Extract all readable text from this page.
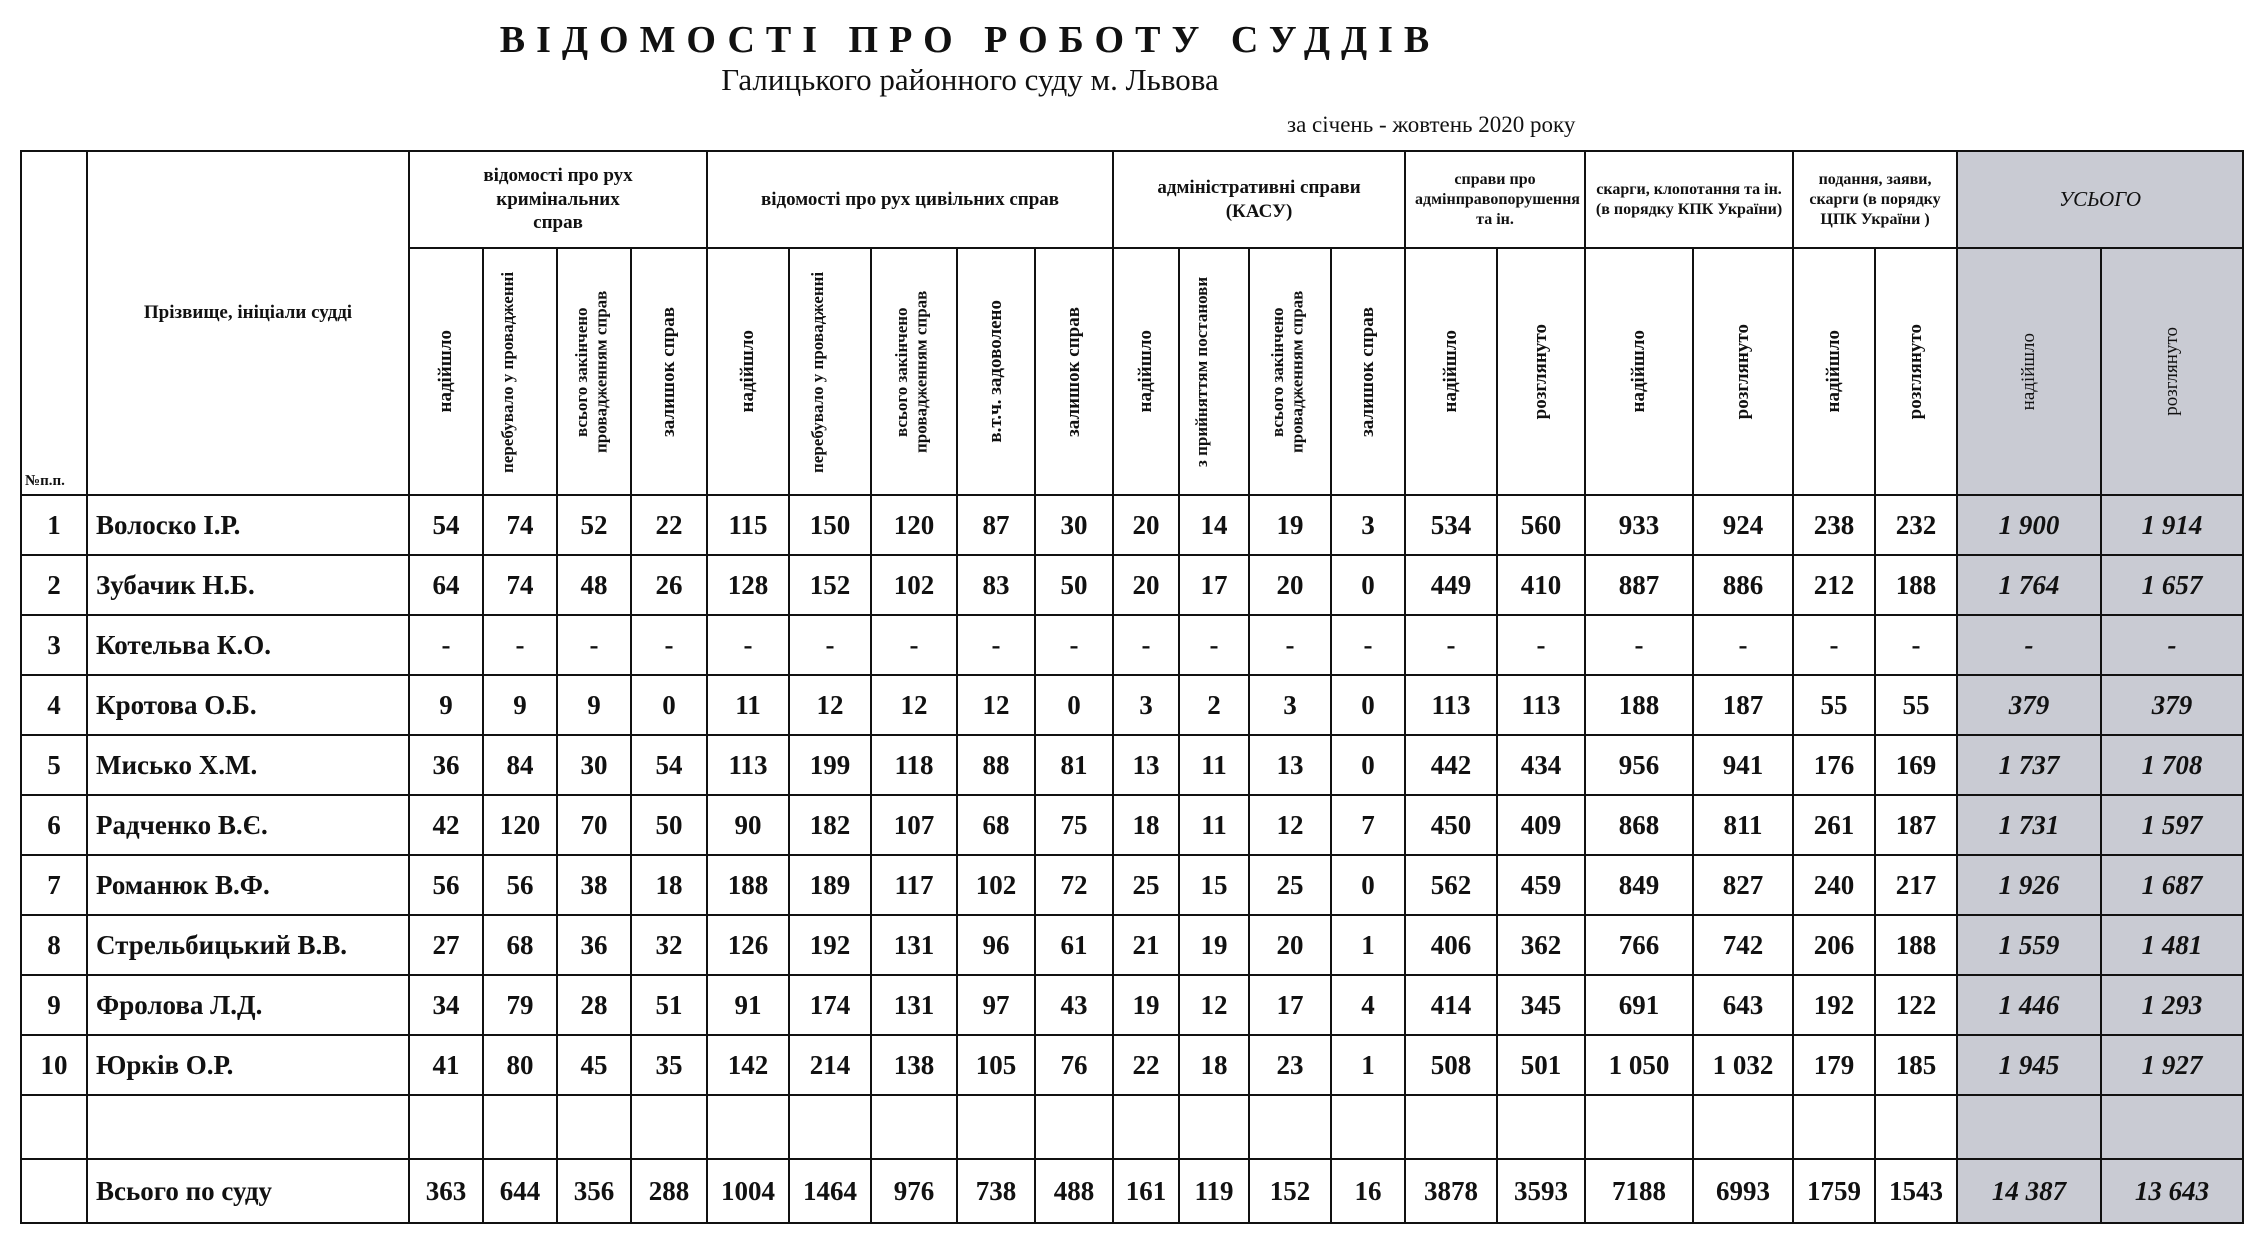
ВІДОМОСТІ ПРО РОБОТУ СУДДІВ
Галицького районного суду м. Львова
за січень - жовтень 2020 року
№п.п.	Прізвище, ініціали судді	відомості про рух кримінальних справ				відомості про рух цивільних справ					адміністративні справи (КАСУ)				справи про адмінправопорушення та ін.		скарги, клопотання та ін. (в порядку КПК України)		подання, заяви, скарги (в порядку ЦПК України )		УСЬОГО	

		надійшло	перебувало у провадженні	всього закінчено провадженням справ	залишок справ	надійшло	перебувало у провадженні	всього закінчено провадженням справ	в.т.ч. задоволено	залишок справ	надійшло	з прийняттям постанови	всього закінчено провадженням справ	залишок справ	надійшло	розглянуто	надійшло	розглянуто	надійшло	розглянуто	надійшло	розглянуто

1	Волоско І.Р.	54	74	52	22	115	150	120	87	30	20	14	19	3	534	560	933	924	238	232	1 900	1 914
2	Зубачик Н.Б.	64	74	48	26	128	152	102	83	50	20	17	20	0	449	410	887	886	212	188	1 764	1 657
3	Котельва К.О.	-	-	-	-	-	-	-	-	-	-	-	-	-	-	-	-	-	-	-	-	-
4	Кротова О.Б.	9	9	9	0	11	12	12	12	0	3	2	3	0	113	113	188	187	55	55	379	379
5	Мисько Х.М.	36	84	30	54	113	199	118	88	81	13	11	13	0	442	434	956	941	176	169	1 737	1 708
6	Радченко В.Є.	42	120	70	50	90	182	107	68	75	18	11	12	7	450	409	868	811	261	187	1 731	1 597
7	Романюк В.Ф.	56	56	38	18	188	189	117	102	72	25	15	25	0	562	459	849	827	240	217	1 926	1 687
8	Стрельбицький В.В.	27	68	36	32	126	192	131	96	61	21	19	20	1	406	362	766	742	206	188	1 559	1 481
9	Фролова Л.Д.	34	79	28	51	91	174	131	97	43	19	12	17	4	414	345	691	643	192	122	1 446	1 293
10	Юрків О.Р.	41	80	45	35	142	214	138	105	76	22	18	23	1	508	501	1 050	1 032	179	185	1 945	1 927

	Всього по суду	363	644	356	288	1004	1464	976	738	488	161	119	152	16	3878	3593	7188	6993	1759	1543	14 387	13 643
